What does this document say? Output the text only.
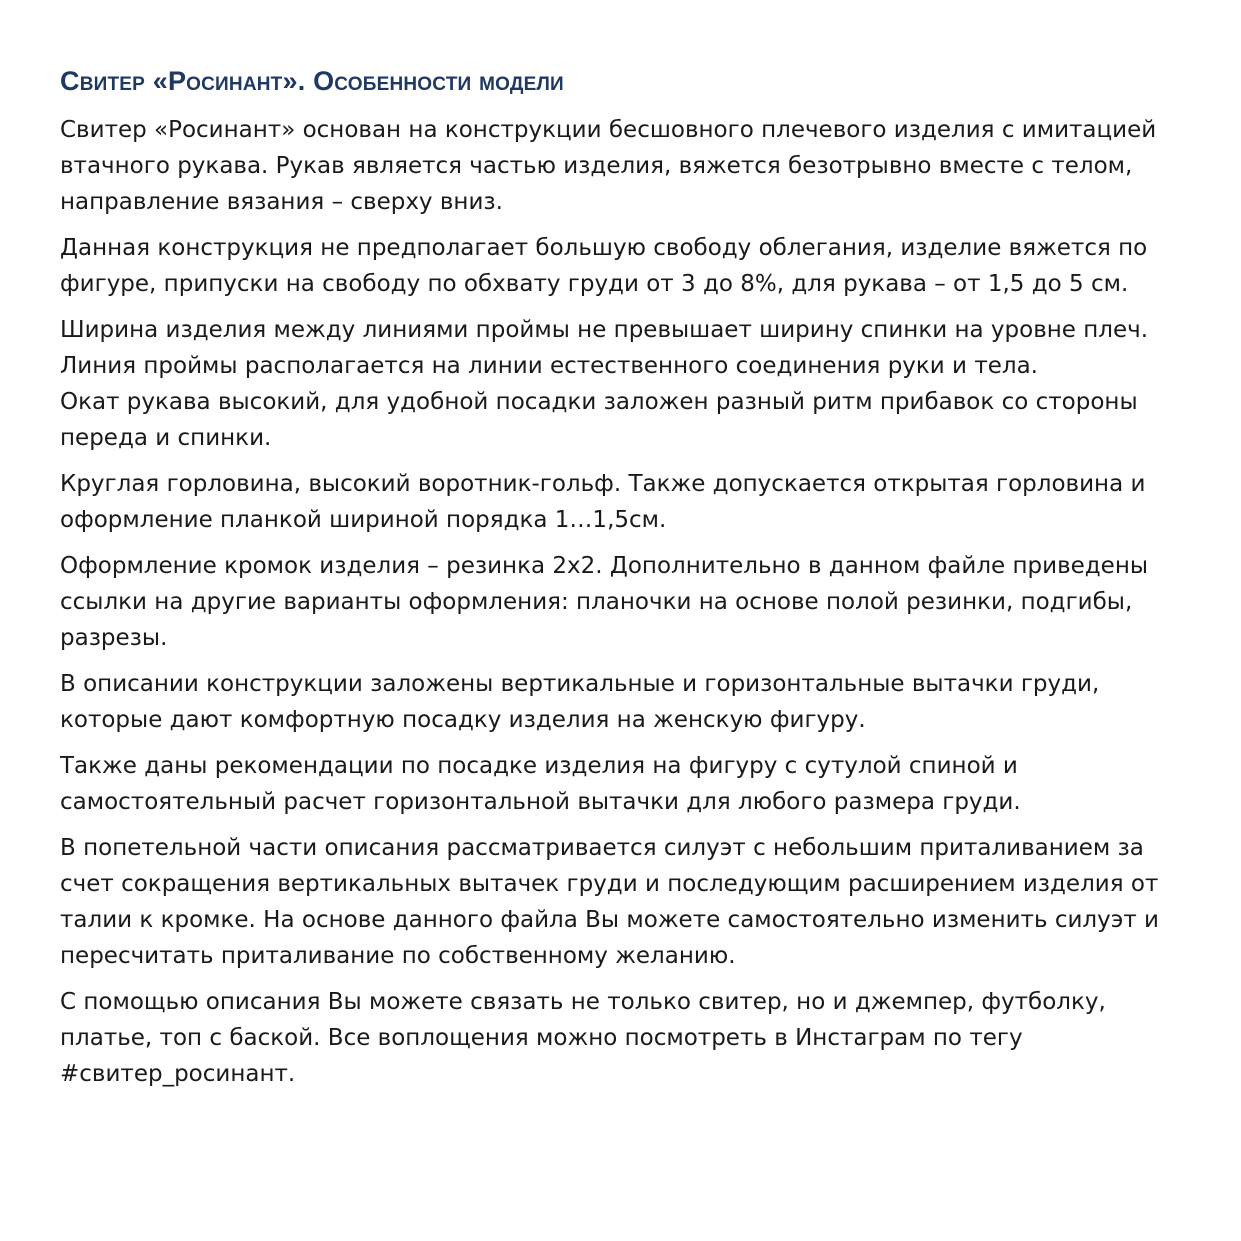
Свитер «Росинант». Особенности модели

Свитер «Росинант» основан на конструкции бесшовного плечевого изделия с имитацией
втачного рукава. Рукав является частью изделия, вяжется безотрывно вместе с телом,
направление вязания – сверху вниз.

Данная конструкция не предполагает большую свободу облегания, изделие вяжется по
фигуре, припуски на свободу по обхвату груди от 3 до 8%, для рукава – от 1,5 до 5 см.

Ширина изделия между линиями проймы не превышает ширину спинки на уровне плеч.
Линия проймы располагается на линии естественного соединения руки и тела.
Окат рукава высокий, для удобной посадки заложен разный ритм прибавок со стороны
переда и спинки.

Круглая горловина, высокий воротник-гольф. Также допускается открытая горловина и
оформление планкой шириной порядка 1…1,5см.

Оформление кромок изделия – резинка 2х2. Дополнительно в данном файле приведены
ссылки на другие варианты оформления: планочки на основе полой резинки, подгибы,
разрезы.

В описании конструкции заложены вертикальные и горизонтальные вытачки груди,
которые дают комфортную посадку изделия на женскую фигуру.

Также даны рекомендации по посадке изделия на фигуру с сутулой спиной и
самостоятельный расчет горизонтальной вытачки для любого размера груди.

В попетельной части описания рассматривается силуэт с небольшим приталиванием за
счет сокращения вертикальных вытачек груди и последующим расширением изделия от
талии к кромке. На основе данного файла Вы можете самостоятельно изменить силуэт и
пересчитать приталивание по собственному желанию.

С помощью описания Вы можете связать не только свитер, но и джемпер, футболку,
платье, топ с баской. Все воплощения можно посмотреть в Инстаграм по тегу
#свитер_росинант.
